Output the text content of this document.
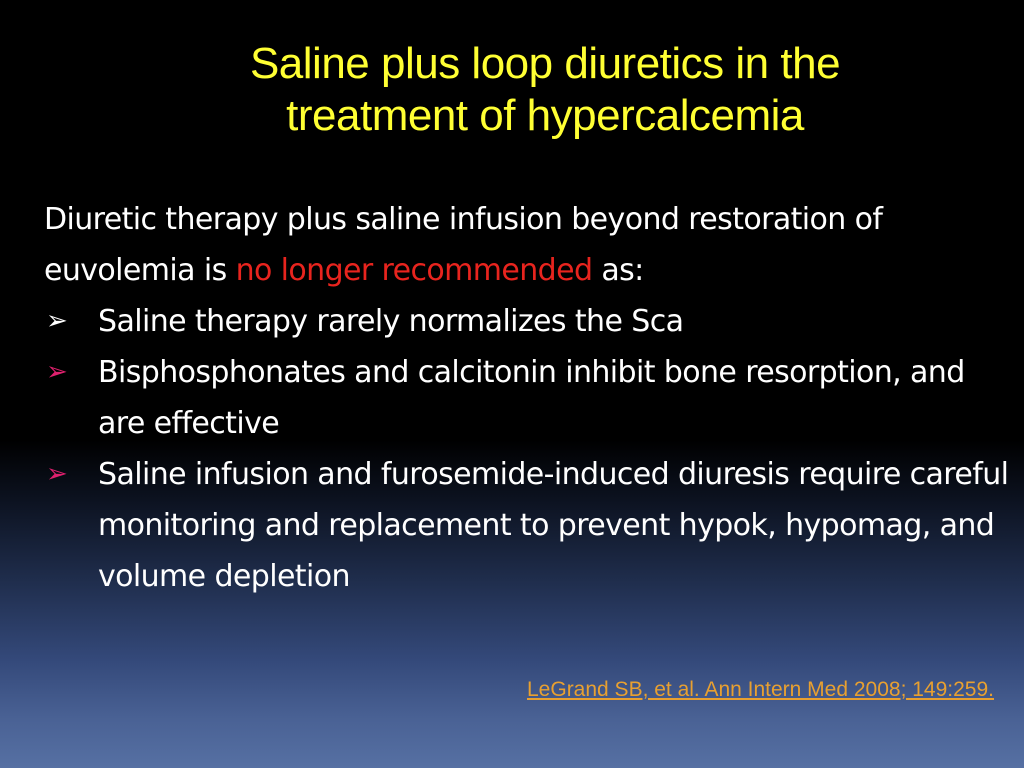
Saline plus loop diuretics in the
treatment of hypercalcemia

Diuretic therapy plus saline infusion beyond restoration of euvolemia is no longer recommended as:

➢ Saline therapy rarely normalizes the Sca
➢ Bisphosphonates and calcitonin inhibit bone resorption, and are effective
➢ Saline infusion and furosemide-induced diuresis require careful monitoring and replacement to prevent hypok, hypomag, and volume depletion
LeGrand SB, et al. Ann Intern Med 2008; 149:259.
